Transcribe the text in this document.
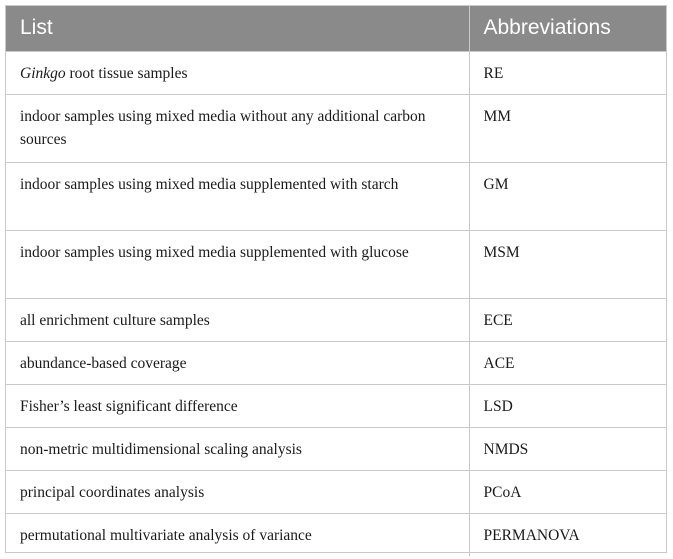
List	Abbreviations
Ginkgo root tissue samples	RE
indoor samples using mixed media without any additional carbon sources	MM
indoor samples using mixed media supplemented with starch	GM
indoor samples using mixed media supplemented with glucose	MSM
all enrichment culture samples	ECE
abundance-based coverage	ACE
Fisher’s least significant difference	LSD
non-metric multidimensional scaling analysis	NMDS
principal coordinates analysis	PCoA
permutational multivariate analysis of variance	PERMANOVA
